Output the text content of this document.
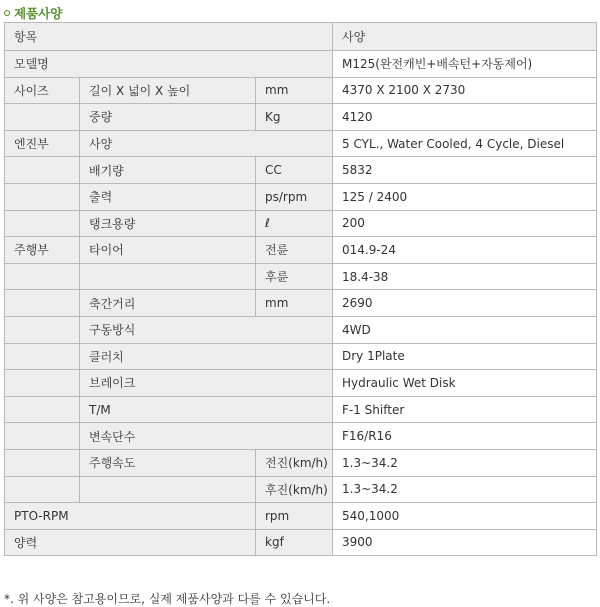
제품사양
항목			사양
모델명			M125(완전캐빈+배속턴+자동제어)
사이즈	길이 X 넓이 X 높이	mm	4370 X 2100 X 2730
	중량	Kg	4120
엔진부	사양		5 CYL., Water Cooled, 4 Cycle, Diesel
	배기량	CC	5832
	출력	ps/rpm	125 / 2400
	탱크용량	ℓ	200
주행부	타이어	전륜	014.9-24
		후륜	18.4-38
	축간거리	mm	2690
	구동방식		4WD
	클러치		Dry 1Plate
	브레이크		Hydraulic Wet Disk
	T/M		F-1 Shifter
	변속단수		F16/R16
	주행속도	전진(km/h)	1.3~34.2
		후진(km/h)	1.3~34.2
PTO-RPM		rpm	540,1000
양력		kgf	3900
*. 위 사양은 참고용이므로, 실제 제품사양과 다를 수 있습니다.
